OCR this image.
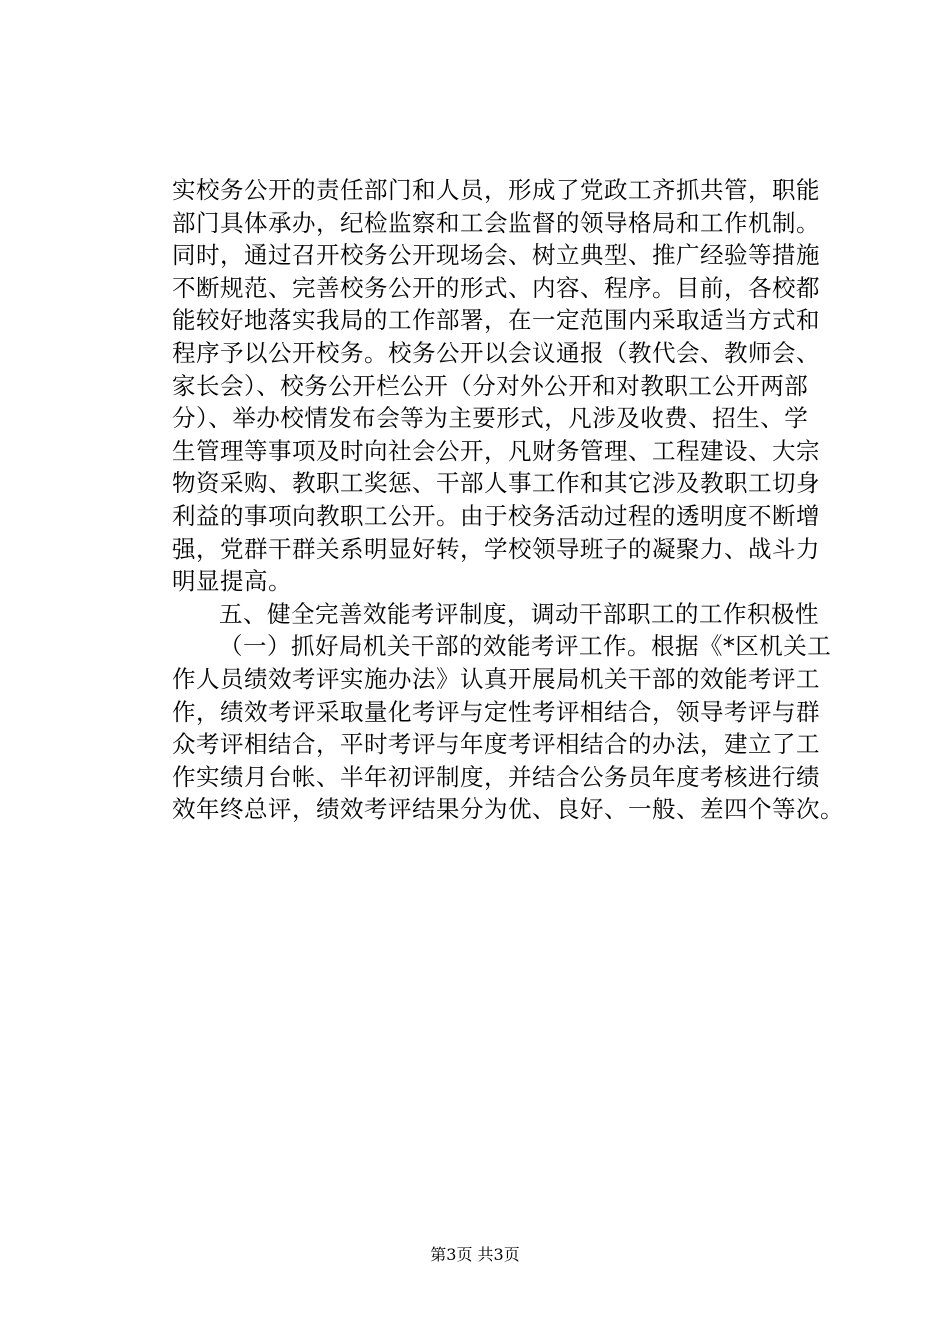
实校务公开的责任部门和人员，形成了党政工齐抓共管，职能
部门具体承办，纪检监察和工会监督的领导格局和工作机制。
同时，通过召开校务公开现场会、树立典型、推广经验等措施
不断规范、完善校务公开的形式、内容、程序。目前，各校都
能较好地落实我局的工作部署，在一定范围内采取适当方式和
程序予以公开校务。校务公开以会议通报（教代会、教师会、
家长会）、校务公开栏公开（分对外公开和对教职工公开两部
分）、举办校情发布会等为主要形式，凡涉及收费、招生、学
生管理等事项及时向社会公开，凡财务管理、工程建设、大宗
物资采购、教职工奖惩、干部人事工作和其它涉及教职工切身
利益的事项向教职工公开。由于校务活动过程的透明度不断增
强，党群干群关系明显好转，学校领导班子的凝聚力、战斗力
明显提高。
五、健全完善效能考评制度，调动干部职工的工作积极性
（一）抓好局机关干部的效能考评工作。根据《*区机关工
作人员绩效考评实施办法》认真开展局机关干部的效能考评工
作，绩效考评采取量化考评与定性考评相结合，领导考评与群
众考评相结合，平时考评与年度考评相结合的办法，建立了工
作实绩月台帐、半年初评制度，并结合公务员年度考核进行绩
效年终总评，绩效考评结果分为优、良好、一般、差四个等次。
第3页 共3页
